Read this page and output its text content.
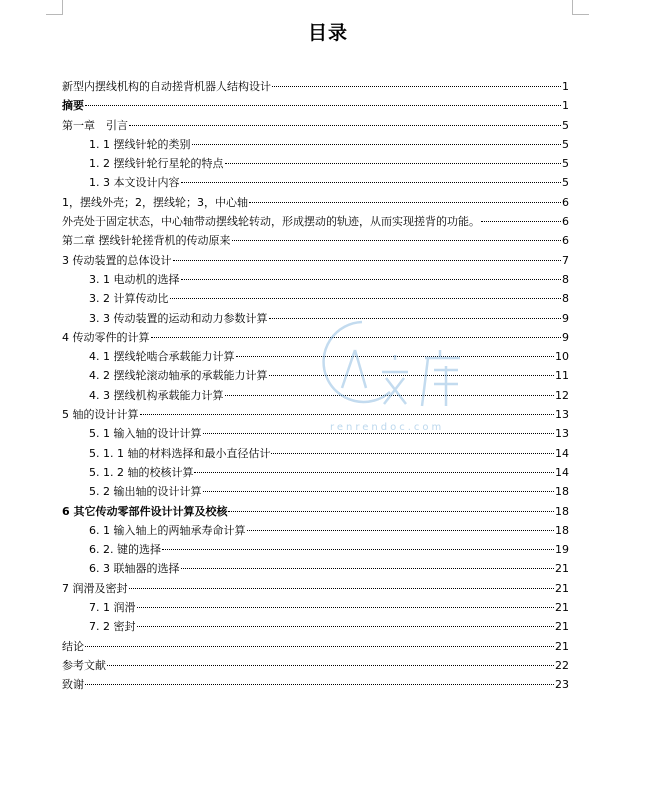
目录
新型内摆线机构的自动搓背机器人结构设计	1
摘要	1
第一章　引言	5
1. 1 摆线针轮的类别	5
1. 2 摆线针轮行星轮的特点	5
1. 3 本文设计内容	5
1，摆线外壳；2，摆线轮；3，中心轴	6
外壳处于固定状态，中心轴带动摆线轮转动，形成摆动的轨迹，从而实现搓背的功能。	6
第二章 摆线针轮搓背机的传动原来	6
3 传动装置的总体设计	7
3. 1 电动机的选择	8
3. 2 计算传动比	8
3. 3 传动装置的运动和动力参数计算	9
4 传动零件的计算	9
4. 1 摆线轮啮合承载能力计算	10
4. 2 摆线轮滚动轴承的承载能力计算	11
4. 3 摆线机构承载能力计算	12
5 轴的设计计算	13
5. 1 输入轴的设计计算	13
5. 1. 1 轴的材料选择和最小直径估计	14
5. 1. 2 轴的校核计算	14
5. 2 输出轴的设计计算	18
6 其它传动零部件设计计算及校核	18
6. 1 输入轴上的两轴承寿命计算	18
6. 2. 键的选择	19
6. 3 联轴器的选择	21
7 润滑及密封	21
7. 1 润滑	21
7. 2 密封	21
结论	21
参考文献	22
致谢	23
renrendoc.com
